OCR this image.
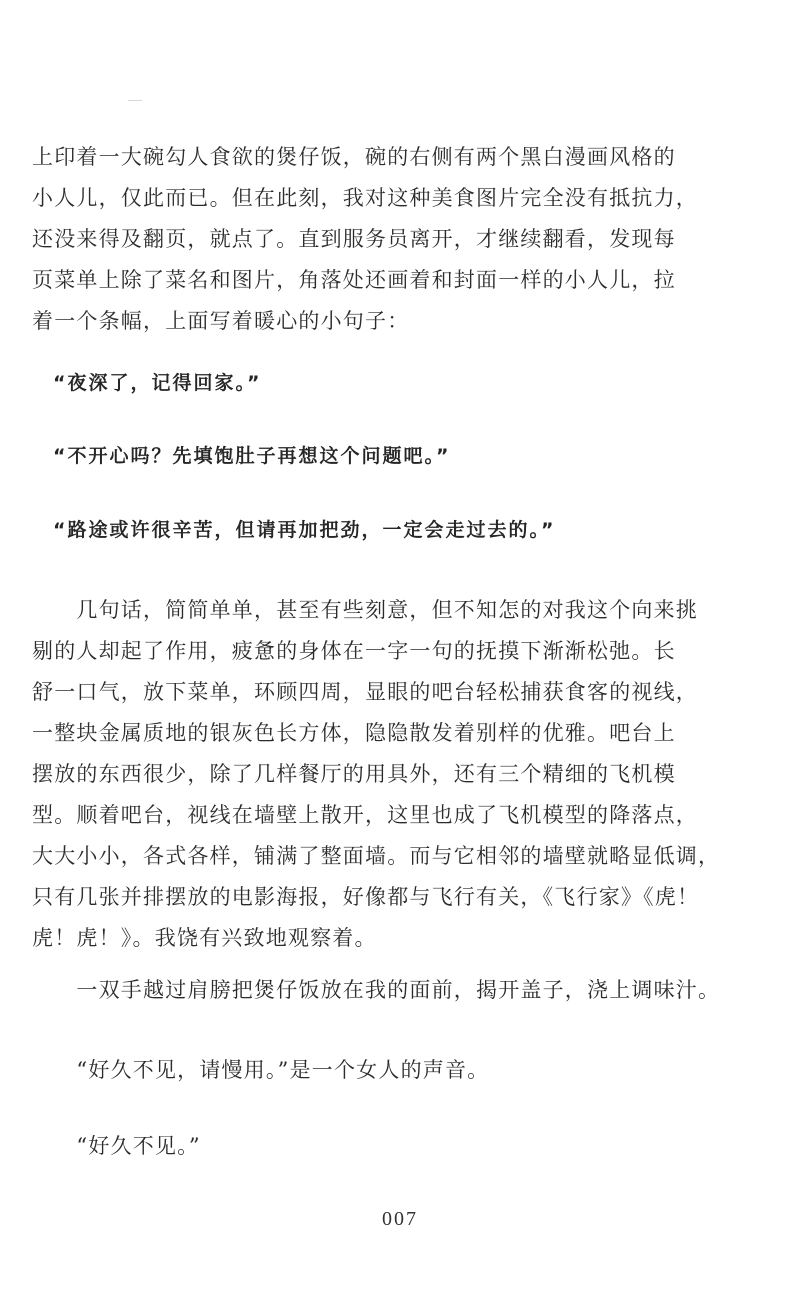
上印着一大碗勾人食欲的煲仔饭，碗的右侧有两个黑白漫画风格的
小人儿，仅此而已。但在此刻，我对这种美食图片完全没有抵抗力，
还没来得及翻页，就点了。直到服务员离开，才继续翻看，发现每
页菜单上除了菜名和图片，角落处还画着和封面一样的小人儿，拉
着一个条幅，上面写着暖心的小句子：
　“夜深了，记得回家。”
　“不开心吗？先填饱肚子再想这个问题吧。”
　“路途或许很辛苦，但请再加把劲，一定会走过去的。”
　　几句话，简简单单，甚至有些刻意，但不知怎的对我这个向来挑
剔的人却起了作用，疲惫的身体在一字一句的抚摸下渐渐松弛。长
舒一口气，放下菜单，环顾四周，显眼的吧台轻松捕获食客的视线，
一整块金属质地的银灰色长方体，隐隐散发着别样的优雅。吧台上
摆放的东西很少，除了几样餐厅的用具外，还有三个精细的飞机模
型。顺着吧台，视线在墙壁上散开，这里也成了飞机模型的降落点，
大大小小，各式各样，铺满了整面墙。而与它相邻的墙壁就略显低调，
只有几张并排摆放的电影海报，好像都与飞行有关，《飞行家》《虎！
虎！虎！》。我饶有兴致地观察着。
　　一双手越过肩膀把煲仔饭放在我的面前，揭开盖子，浇上调味汁。
　　“好久不见，请慢用。”是一个女人的声音。
　　“好久不见。”

007
